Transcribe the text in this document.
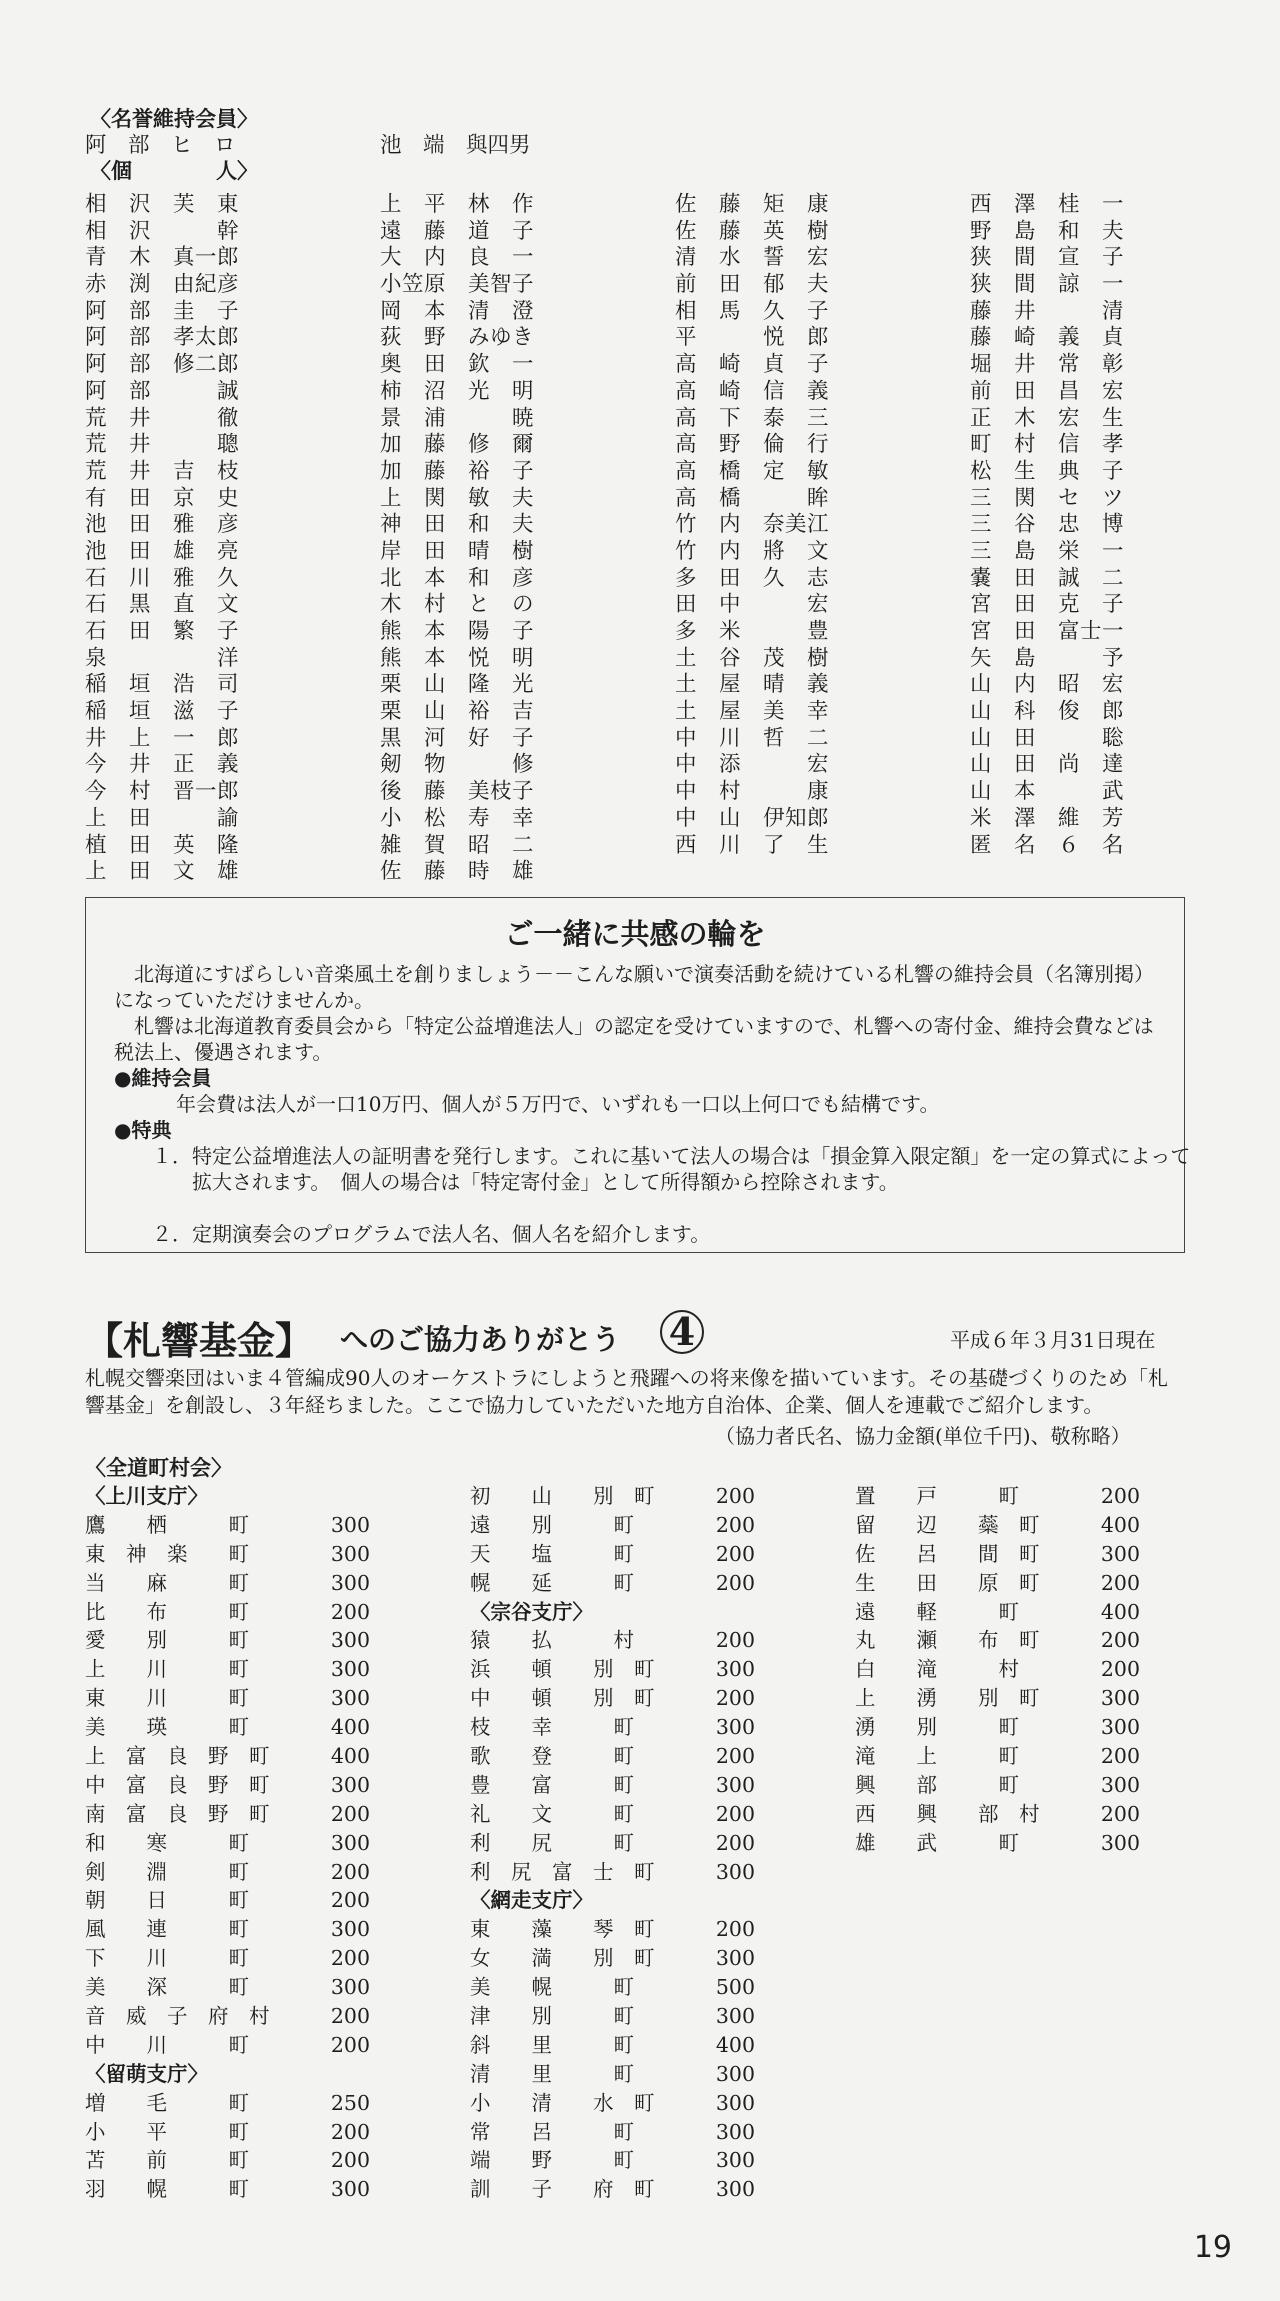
〈名誉維持会員〉
阿　部　ヒ　ロ	池　端　與四男
〈個　　　　人〉
相　沢　芙　東	上　平　林　作	佐　藤　矩　康	西　澤　桂　一
相　沢　　　幹	遠　藤　道　子	佐　藤　英　樹	野　島　和　夫
青　木　真一郎	大　内　良　一	清　水　誓　宏	狭　間　宣　子
赤　渕　由紀彦	小笠原　美智子	前　田　郁　夫	狭　間　諒　一
阿　部　圭　子	岡　本　清　澄	相　馬　久　子	藤　井　　　清
阿　部　孝太郎	荻　野　みゆき	平　　　悦　郎	藤　崎　義　貞
阿　部　修二郎	奥　田　欽　一	高　崎　貞　子	堀　井　常　彰
阿　部　　　誠	柿　沼　光　明	高　崎　信　義	前　田　昌　宏
荒　井　　　徹	景　浦　　　暁	高　下　泰　三	正　木　宏　生
荒　井　　　聰	加　藤　修　爾	高　野　倫　行	町　村　信　孝
荒　井　吉　枝	加　藤　裕　子	高　橋　定　敏	松　生　典　子
有　田　京　史	上　関　敏　夫	高　橋　　　眸	三　関　セ　ツ
池　田　雅　彦	神　田　和　夫	竹　内　奈美江	三　谷　忠　博
池　田　雄　亮	岸　田　晴　樹	竹　内　將　文	三　島　栄　一
石　川　雅　久	北　本　和　彦	多　田　久　志	嚢　田　誠　二
石　黒　直　文	木　村　と　の	田　中　　　宏	宮　田　克　子
石　田　繁　子	熊　本　陽　子	多　米　　　豊	宮　田　富士一
泉　　　　　洋	熊　本　悦　明	土　谷　茂　樹	矢　島　　　予
稲　垣　浩　司	栗　山　隆　光	土　屋　晴　義	山　内　昭　宏
稲　垣　滋　子	栗　山　裕　吉	土　屋　美　幸	山　科　俊　郎
井　上　一　郎	黒　河　好　子	中　川　哲　二	山　田　　　聡
今　井　正　義	剱　物　　　修	中　添　　　宏	山　田　尚　達
今　村　晋一郎	後　藤　美枝子	中　村　　　康	山　本　　　武
上　田　　　諭	小　松　寿　幸	中　山　伊知郎	米　澤　維　芳
植　田　英　隆	雑　賀　昭　二	西　川　了　生	匿　名　６　名
上　田　文　雄	佐　藤　時　雄
ご一緒に共感の輪を
北海道にすばらしい音楽風土を創りましょう－－こんな願いで演奏活動を続けている札響の維持会員（名簿別掲）になっていただけませんか。
札響は北海道教育委員会から「特定公益増進法人」の認定を受けていますので、札響への寄付金、維持会費などは税法上、優遇されます。
●維持会員
年会費は法人が一口10万円、個人が５万円で、いずれも一口以上何口でも結構です。
●特典
１．特定公益増進法人の証明書を発行します。これに基いて法人の場合は「損金算入限定額」を一定の算式によって拡大されます。　個人の場合は「特定寄付金」として所得額から控除されます。
２．定期演奏会のプログラムで法人名、個人名を紹介します。
【札響基金】 へのご協力ありがとう 4	平成６年３月31日現在
札幌交響楽団はいま４管編成90人のオーケストラにしようと飛躍への将来像を描いています。その基礎づくりのため「札響基金」を創設し、３年経ちました。ここで協力していただいた地方自治体、企業、個人を連載でご紹介します。
（協力者氏名、協力金額(単位千円)、敬称略）
〈全道町村会〉
〈上川支庁〉
鷹　　栖　　　町	300
東　神　楽　　町	300
当　　麻　　　町	300
比　　布　　　町	200
愛　　別　　　町	300
上　　川　　　町	300
東　　川　　　町	300
美　　瑛　　　町	400
上　富　良　野　町	400
中　富　良　野　町	300
南　富　良　野　町	200
和　　寒　　　町	300
剣　　淵　　　町	200
朝　　日　　　町	200
風　　連　　　町	300
下　　川　　　町	200
美　　深　　　町	300
音　威　子　府　村	200
中　　川　　　町	200
〈留萌支庁〉
増　　毛　　　町	250
小　　平　　　町	200
苫　　前　　　町	200
羽　　幌　　　町	300
初　　山　　別　町	200
遠　　別　　　町	200
天　　塩　　　町	200
幌　　延　　　町	200
〈宗谷支庁〉
猿　　払　　　村	200
浜　　頓　　別　町	300
中　　頓　　別　町	200
枝　　幸　　　町	300
歌　　登　　　町	200
豊　　富　　　町	300
礼　　文　　　町	200
利　　尻　　　町	200
利　尻　富　士　町	300
〈網走支庁〉
東　　藻　　琴　町	200
女　　満　　別　町	300
美　　幌　　　町	500
津　　別　　　町	300
斜　　里　　　町	400
清　　里　　　町	300
小　　清　　水　町	300
常　　呂　　　町	300
端　　野　　　町	300
訓　　子　　府　町	300
置　　戸　　　町	200
留　　辺　　蘂　町	400
佐　　呂　　間　町	300
生　　田　　原　町	200
遠　　軽　　　町	400
丸　　瀬　　布　町	200
白　　滝　　　村	200
上　　湧　　別　町	300
湧　　別　　　町	300
滝　　上　　　町	200
興　　部　　　町	300
西　　興　　部　村	200
雄　　武　　　町	300
19
